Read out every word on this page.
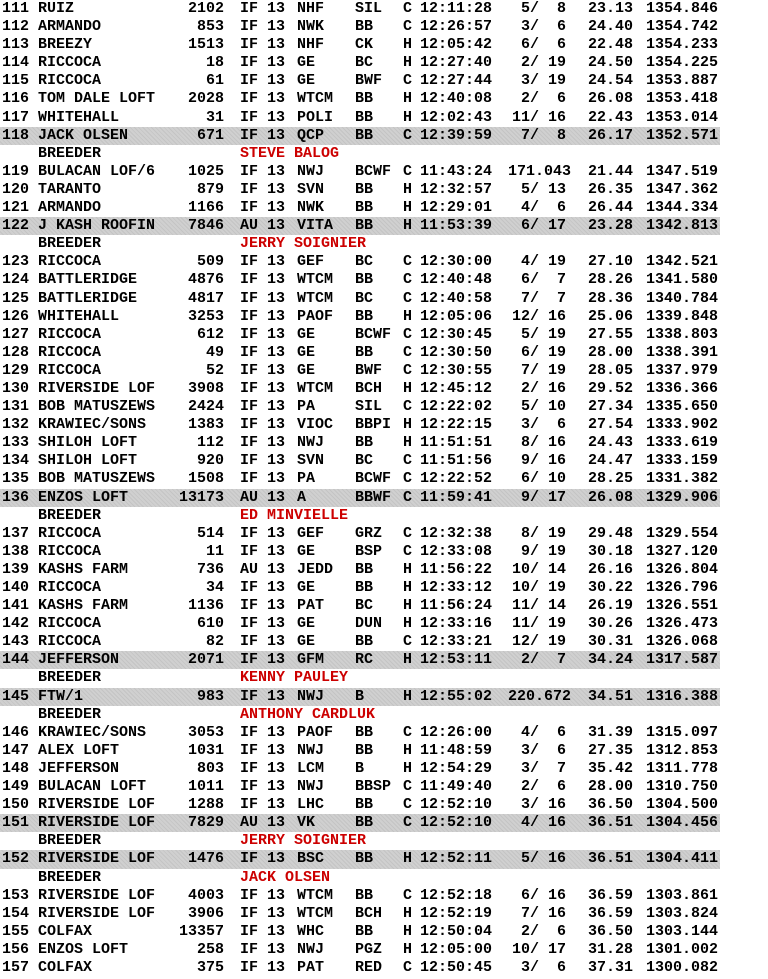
111 RUIZ	2102 IF 13 NHF SIL C 12:11:28	5/  8	23.13 1354.846
112 ARMANDO	853 IF 13 NWK BB C 12:26:57	3/  6	24.40 1354.742
113 BREEZY	1513 IF 13 NHF CK H 12:05:42	6/  6	22.48 1354.233
114 RICCOCA	18 IF 13 GE	BC H 12:27:40	2/ 19	24.50 1354.225
115 RICCOCA	61 IF 13 GE	BWF C 12:27:44	3/ 19	24.54 1353.887
116 TOM DALE LOFT	2028 IF 13 WTCM BB H 12:40:08	2/  6	26.08 1353.418
117 WHITEHALL	31 IF 13 POLI BB H 12:02:43 11/ 16	22.43 1353.014
118 JACK OLSEN	671 IF 13 QCP BB C 12:39:59	7/  8	26.17 1352.571
BREEDER	STEVE BALOG
119 BULACAN LOF/6	1025 IF 13 NWJ BCWF C 11:43:24 171.043	21.44 1347.519
120 TARANTO	879 IF 13 SVN BB H 12:32:57	5/ 13	26.35 1347.362
121 ARMANDO	1166 IF 13 NWK BB H 12:29:01	4/  6	26.44 1344.334
122 J KASH ROOFIN	7846 AU 13 VITA BB H 11:53:39	6/ 17	23.28 1342.813
BREEDER	JERRY SOIGNIER
123 RICCOCA	509 IF 13 GEF BC C 12:30:00	4/ 19	27.10 1342.521
124 BATTLERIDGE	4876 IF 13 WTCM BB C 12:40:48	6/  7	28.26 1341.580
125 BATTLERIDGE	4817 IF 13 WTCM BC C 12:40:58	7/  7	28.36 1340.784
126 WHITEHALL	3253 IF 13 PAOF BB H 12:05:06 12/ 16	25.06 1339.848
127 RICCOCA	612 IF 13 GE	BCWF C 12:30:45	5/ 19	27.55 1338.803
128 RICCOCA	49 IF 13 GE	BB C 12:30:50	6/ 19	28.00 1338.391
129 RICCOCA	52 IF 13 GE	BWF C 12:30:55	7/ 19	28.05 1337.979
130 RIVERSIDE LOF	3908 IF 13 WTCM BCH H 12:45:12	2/ 16	29.52 1336.366
131 BOB MATUSZEWS	2424 IF 13 PA	SIL C 12:22:02	5/ 10	27.34 1335.650
132 KRAWIEC/SONS	1383 IF 13 VIOC BBPI H 12:22:15	3/  6	27.54 1333.902
133 SHILOH LOFT	112 IF 13 NWJ BB H 11:51:51	8/ 16	24.43 1333.619
134 SHILOH LOFT	920 IF 13 SVN BC C 11:51:56	9/ 16	24.47 1333.159
135 BOB MATUSZEWS	1508 IF 13 PA	BCWF C 12:22:52	6/ 10	28.25 1331.382
136 ENZOS LOFT	13173 AU 13 A	BBWF C 11:59:41	9/ 17	26.08 1329.906
BREEDER	ED MINVIELLE
137 RICCOCA	514 IF 13 GEF GRZ C 12:32:38	8/ 19	29.48 1329.554
138 RICCOCA	11 IF 13 GE	BSP C 12:33:08	9/ 19	30.18 1327.120
139 KASHS FARM	736 AU 13 JEDD BB H 11:56:22 10/ 14	26.16 1326.804
140 RICCOCA	34 IF 13 GE	BB H 12:33:12 10/ 19	30.22 1326.796
141 KASHS FARM	1136 IF 13 PAT BC H 11:56:24 11/ 14	26.19 1326.551
142 RICCOCA	610 IF 13 GE	DUN H 12:33:16 11/ 19	30.26 1326.473
143 RICCOCA	82 IF 13 GE	BB C 12:33:21 12/ 19	30.31 1326.068
144 JEFFERSON	2071 IF 13 GFM RC H 12:53:11	2/  7	34.24 1317.587
BREEDER	KENNY PAULEY
145 FTW/1	983 IF 13 NWJ B	H 12:55:02 220.672	34.51 1316.388
BREEDER	ANTHONY CARDLUK
146 KRAWIEC/SONS	3053 IF 13 PAOF BB C 12:26:00	4/  6	31.39 1315.097
147 ALEX LOFT	1031 IF 13 NWJ BB H 11:48:59	3/  6	27.35 1312.853
148 JEFFERSON	803 IF 13 LCM B	H 12:54:29	3/  7	35.42 1311.778
149 BULACAN LOFT	1011 IF 13 NWJ BBSP C 11:49:40	2/  6	28.00 1310.750
150 RIVERSIDE LOF	1288 IF 13 LHC BB C 12:52:10	3/ 16	36.50 1304.500
151 RIVERSIDE LOF	7829 AU 13 VK	BB C 12:52:10	4/ 16	36.51 1304.456
BREEDER	JERRY SOIGNIER
152 RIVERSIDE LOF	1476 IF 13 BSC BB H 12:52:11	5/ 16	36.51 1304.411
BREEDER	JACK OLSEN
153 RIVERSIDE LOF	4003 IF 13 WTCM BB C 12:52:18	6/ 16	36.59 1303.861
154 RIVERSIDE LOF	3906 IF 13 WTCM BCH H 12:52:19	7/ 16	36.59 1303.824
155 COLFAX	13357 IF 13 WHC BB H 12:50:04	2/  6	36.50 1303.144
156 ENZOS LOFT	258 IF 13 NWJ PGZ H 12:05:00 10/ 17	31.28 1301.002
157 COLFAX	375 IF 13 PAT RED C 12:50:45	3/  6	37.31 1300.082
